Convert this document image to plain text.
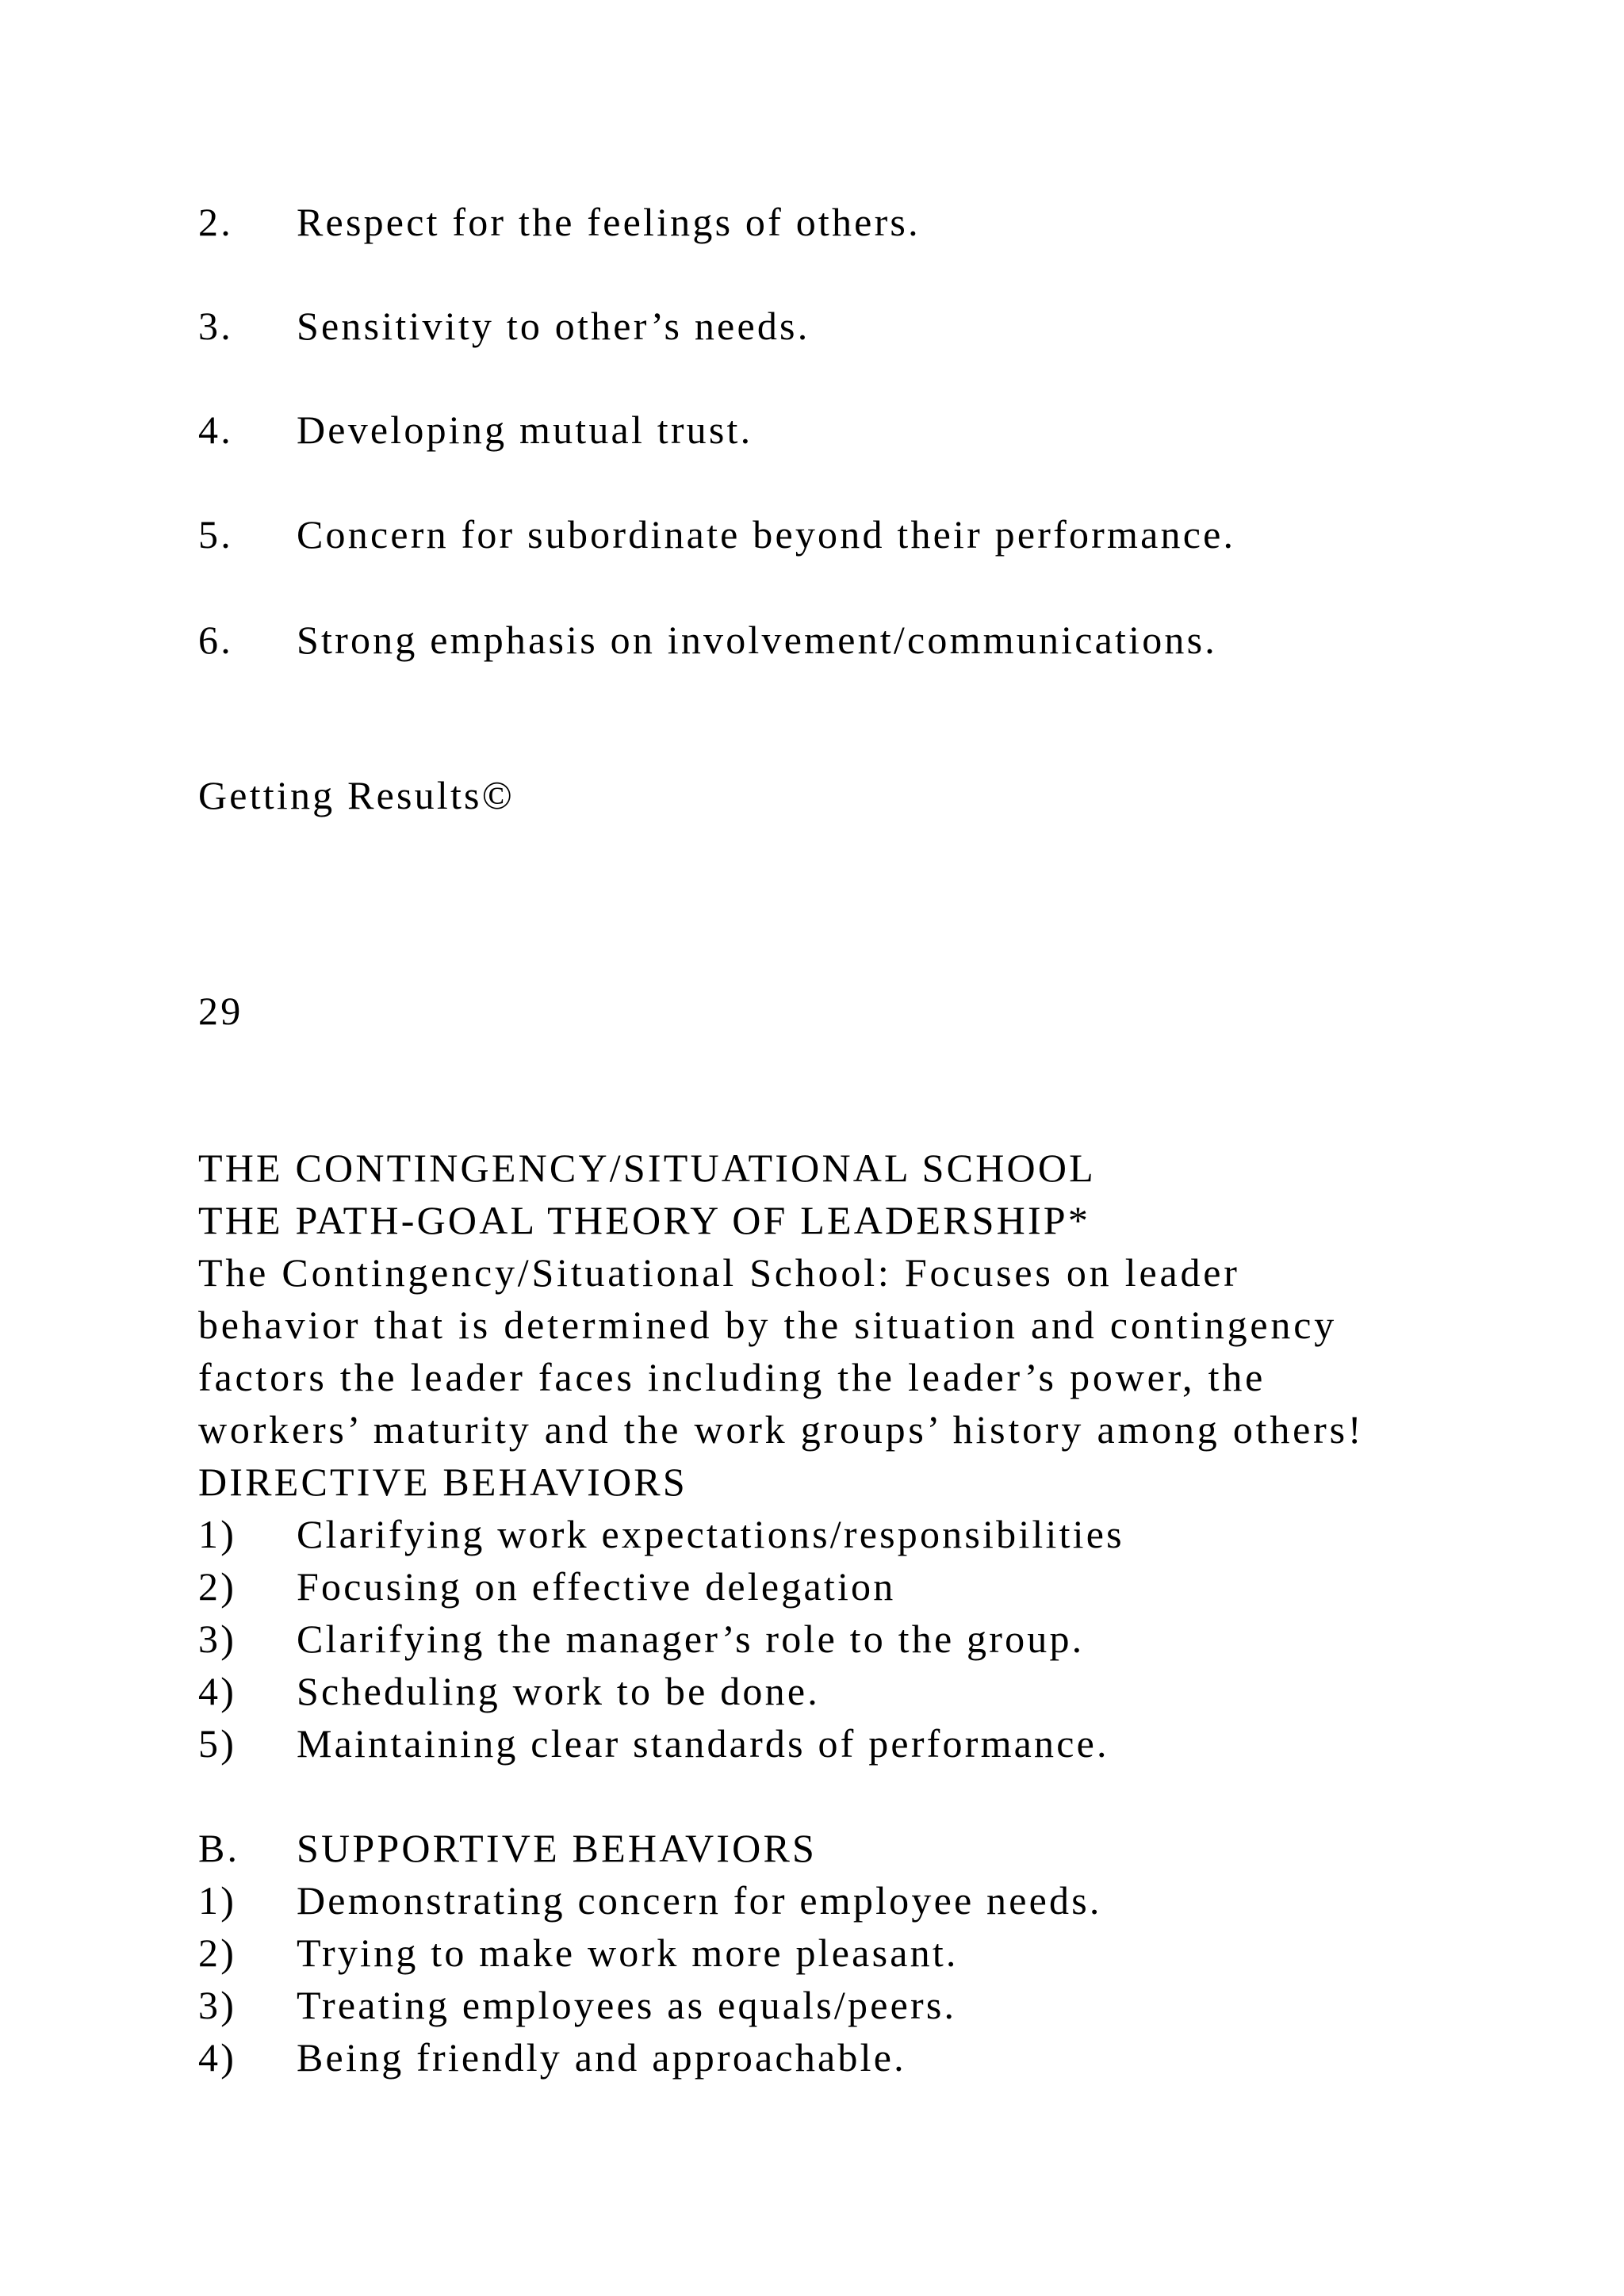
2. Respect for the feelings of others.
3. Sensitivity to other’s needs.
4. Developing mutual trust.
5. Concern for subordinate beyond their performance.
6. Strong emphasis on involvement/communications.
Getting Results©
29
THE CONTINGENCY/SITUATIONAL SCHOOL
THE PATH-GOAL THEORY OF LEADERSHIP*
The Contingency/Situational School: Focuses on leader
behavior that is determined by the situation and contingency
factors the leader faces including the leader’s power, the
workers’ maturity and the work groups’ history among others!
DIRECTIVE BEHAVIORS
1) Clarifying work expectations/responsibilities
2) Focusing on effective delegation
3) Clarifying the manager’s role to the group.
4) Scheduling work to be done.
5) Maintaining clear standards of performance.
B. SUPPORTIVE BEHAVIORS
1) Demonstrating concern for employee needs.
2) Trying to make work more pleasant.
3) Treating employees as equals/peers.
4) Being friendly and approachable.
